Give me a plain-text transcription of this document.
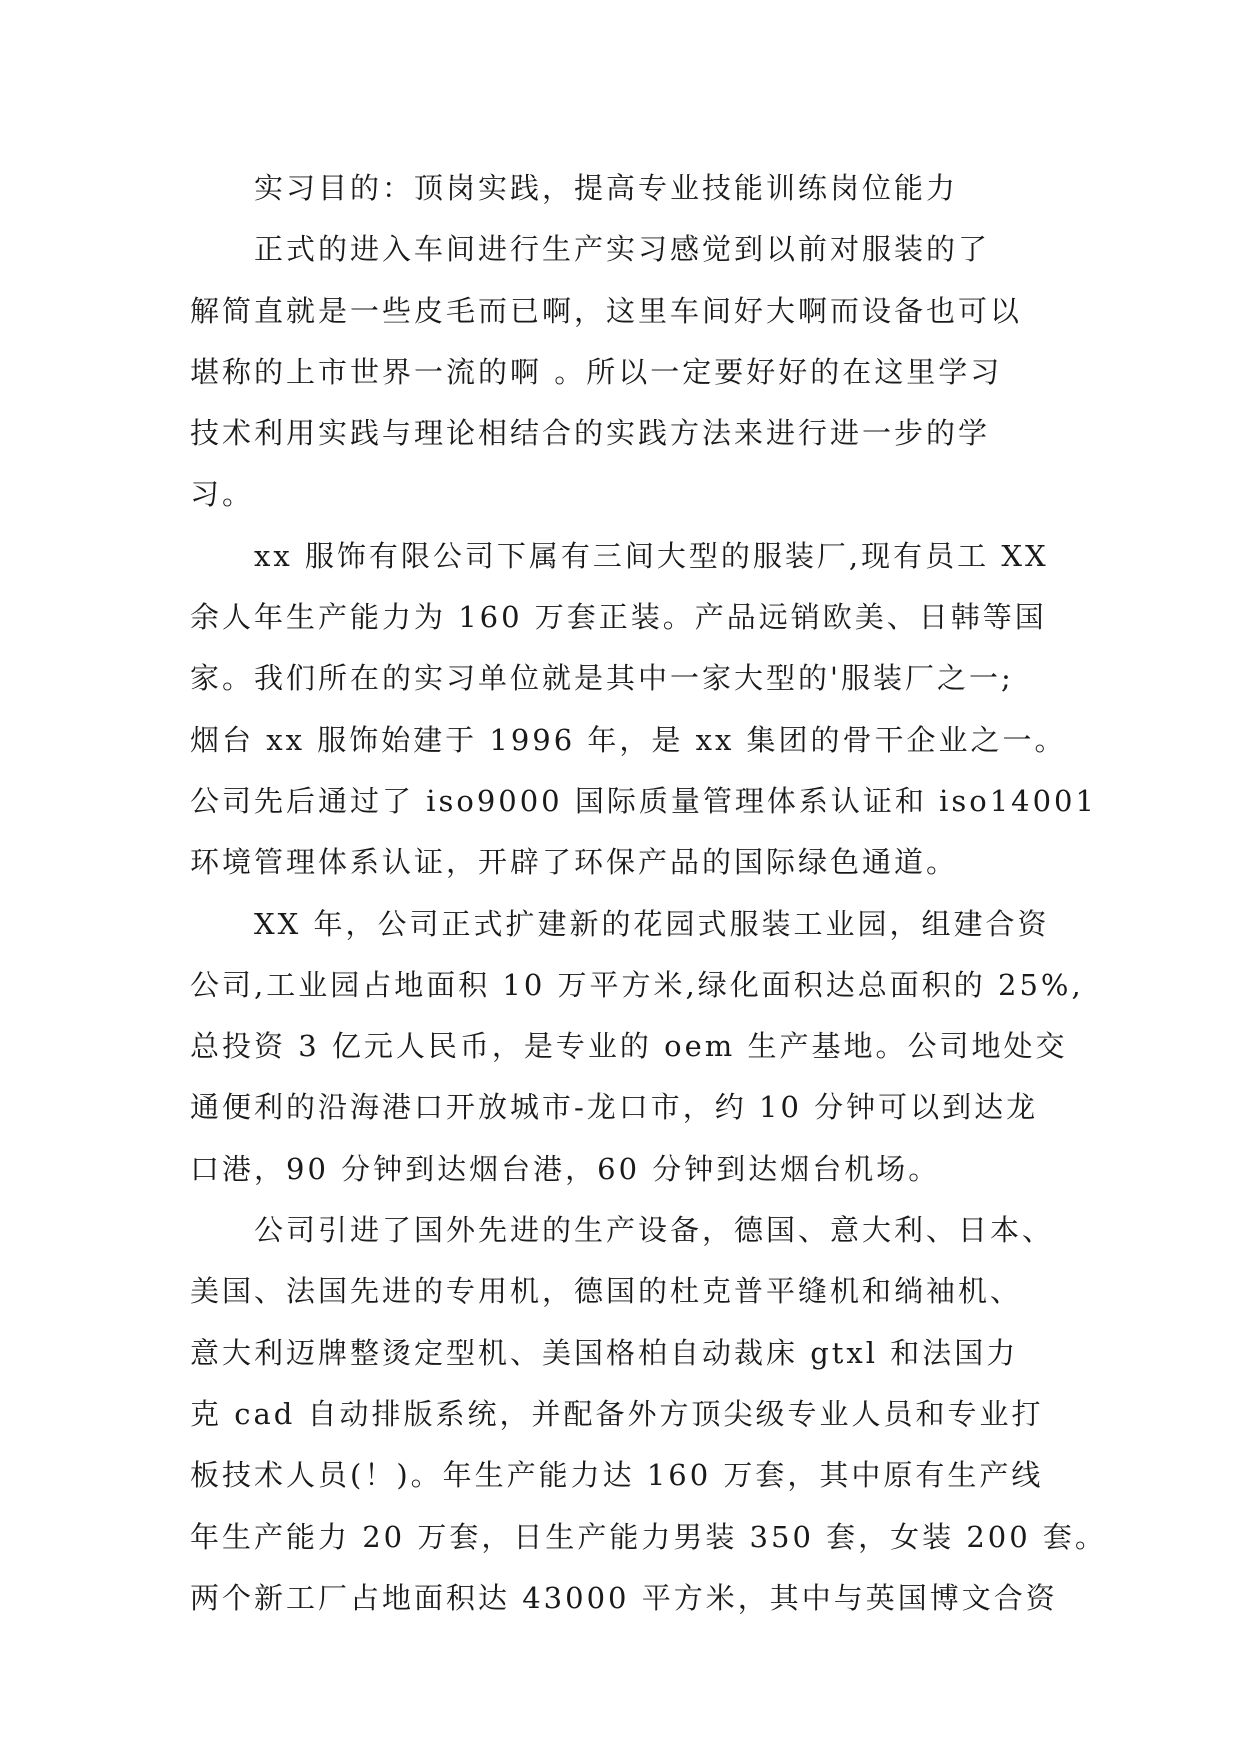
实习目的：顶岗实践，提高专业技能训练岗位能力
正式的进入车间进行生产实习感觉到以前对服装的了
解简直就是一些皮毛而已啊，这里车间好大啊而设备也可以
堪称的上市世界一流的啊 。所以一定要好好的在这里学习
技术利用实践与理论相结合的实践方法来进行进一步的学
习。
xx 服饰有限公司下属有三间大型的服装厂,现有员工 XX
余人年生产能力为 160 万套正装。产品远销欧美、日韩等国
家。我们所在的实习单位就是其中一家大型的'服装厂之一;
烟台 xx 服饰始建于 1996 年，是 xx 集团的骨干企业之一。
公司先后通过了 iso9000 国际质量管理体系认证和 iso14001
环境管理体系认证，开辟了环保产品的国际绿色通道。
XX 年，公司正式扩建新的花园式服装工业园，组建合资
公司,工业园占地面积 10 万平方米,绿化面积达总面积的 25%,
总投资 3 亿元人民币，是专业的 oem 生产基地。公司地处交
通便利的沿海港口开放城市-龙口市，约 10 分钟可以到达龙
口港，90 分钟到达烟台港，60 分钟到达烟台机场。
公司引进了国外先进的生产设备，德国、意大利、日本、
美国、法国先进的专用机，德国的杜克普平缝机和绱袖机、
意大利迈牌整烫定型机、美国格柏自动裁床 gtxl 和法国力
克 cad 自动排版系统，并配备外方顶尖级专业人员和专业打
板技术人员(！)。年生产能力达 160 万套，其中原有生产线
年生产能力 20 万套，日生产能力男装 350 套，女装 200 套。
两个新工厂占地面积达 43000 平方米，其中与英国博文合资
